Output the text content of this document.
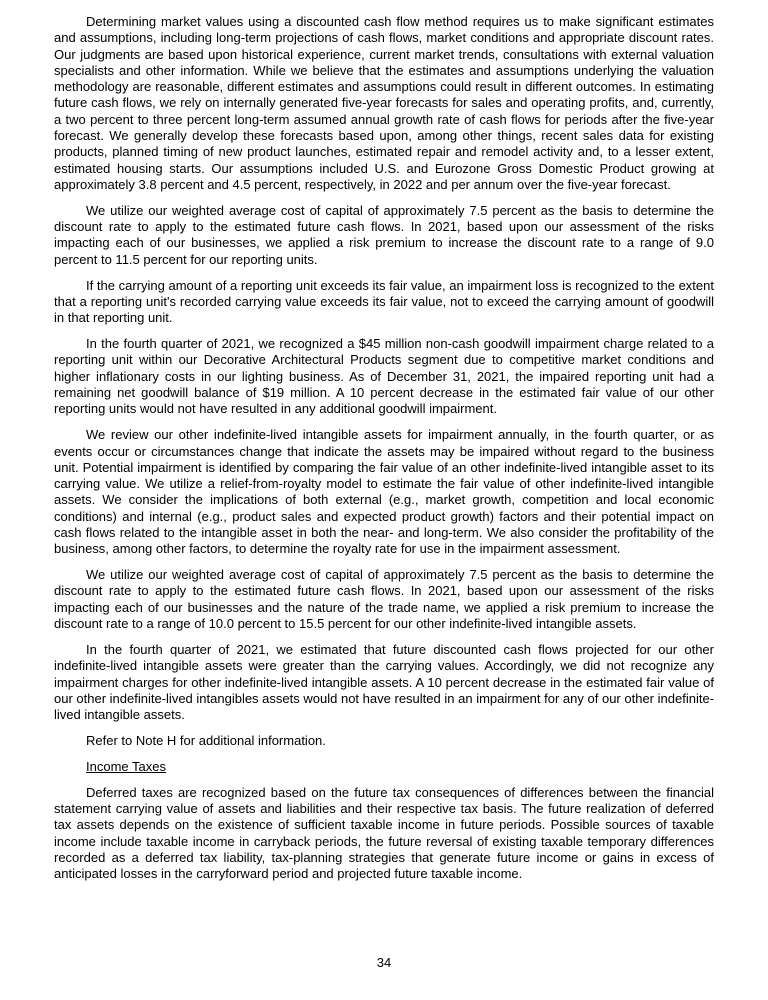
Determining market values using a discounted cash flow method requires us to make significant estimates and assumptions, including long-term projections of cash flows, market conditions and appropriate discount rates. Our judgments are based upon historical experience, current market trends, consultations with external valuation specialists and other information. While we believe that the estimates and assumptions underlying the valuation methodology are reasonable, different estimates and assumptions could result in different outcomes. In estimating future cash flows, we rely on internally generated five-year forecasts for sales and operating profits, and, currently, a two percent to three percent long-term assumed annual growth rate of cash flows for periods after the five-year forecast. We generally develop these forecasts based upon, among other things, recent sales data for existing products, planned timing of new product launches, estimated repair and remodel activity and, to a lesser extent, estimated housing starts. Our assumptions included U.S. and Eurozone Gross Domestic Product growing at approximately 3.8 percent and 4.5 percent, respectively, in 2022 and per annum over the five-year forecast.

We utilize our weighted average cost of capital of approximately 7.5 percent as the basis to determine the discount rate to apply to the estimated future cash flows. In 2021, based upon our assessment of the risks impacting each of our businesses, we applied a risk premium to increase the discount rate to a range of 9.0 percent to 11.5 percent for our reporting units.

If the carrying amount of a reporting unit exceeds its fair value, an impairment loss is recognized to the extent that a reporting unit's recorded carrying value exceeds its fair value, not to exceed the carrying amount of goodwill in that reporting unit.

In the fourth quarter of 2021, we recognized a $45 million non-cash goodwill impairment charge related to a reporting unit within our Decorative Architectural Products segment due to competitive market conditions and higher inflationary costs in our lighting business. As of December 31, 2021, the impaired reporting unit had a remaining net goodwill balance of $19 million. A 10 percent decrease in the estimated fair value of our other reporting units would not have resulted in any additional goodwill impairment.

We review our other indefinite-lived intangible assets for impairment annually, in the fourth quarter, or as events occur or circumstances change that indicate the assets may be impaired without regard to the business unit. Potential impairment is identified by comparing the fair value of an other indefinite-lived intangible asset to its carrying value. We utilize a relief-from-royalty model to estimate the fair value of other indefinite-lived intangible assets. We consider the implications of both external (e.g., market growth, competition and local economic conditions) and internal (e.g., product sales and expected product growth) factors and their potential impact on cash flows related to the intangible asset in both the near- and long-term. We also consider the profitability of the business, among other factors, to determine the royalty rate for use in the impairment assessment.

We utilize our weighted average cost of capital of approximately 7.5 percent as the basis to determine the discount rate to apply to the estimated future cash flows. In 2021, based upon our assessment of the risks impacting each of our businesses and the nature of the trade name, we applied a risk premium to increase the discount rate to a range of 10.0 percent to 15.5 percent for our other indefinite-lived intangible assets.

In the fourth quarter of 2021, we estimated that future discounted cash flows projected for our other indefinite-lived intangible assets were greater than the carrying values. Accordingly, we did not recognize any impairment charges for other indefinite-lived intangible assets. A 10 percent decrease in the estimated fair value of our other indefinite-lived intangibles assets would not have resulted in an impairment for any of our other indefinite-lived intangible assets.

Refer to Note H for additional information.

Income Taxes

Deferred taxes are recognized based on the future tax consequences of differences between the financial statement carrying value of assets and liabilities and their respective tax basis. The future realization of deferred tax assets depends on the existence of sufficient taxable income in future periods. Possible sources of taxable income include taxable income in carryback periods, the future reversal of existing taxable temporary differences recorded as a deferred tax liability, tax-planning strategies that generate future income or gains in excess of anticipated losses in the carryforward period and projected future taxable income.

34
